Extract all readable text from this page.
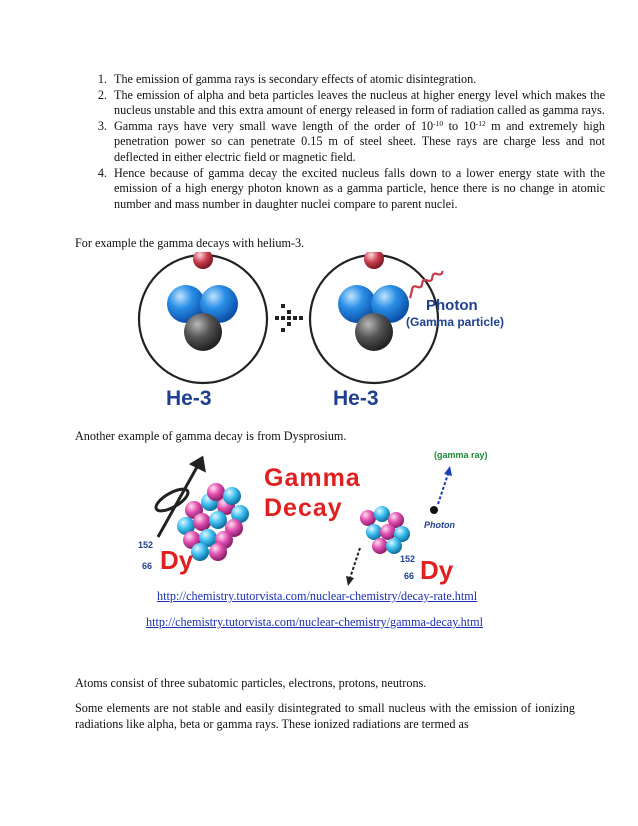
1. The emission of gamma rays is secondary effects of atomic disintegration.
2. The emission of alpha and beta particles leaves the nucleus at higher energy level which makes the nucleus unstable and this extra amount of energy released in form of radiation called as gamma rays.
3. Gamma rays have very small wave length of the order of $10^{-10}$ to $10^{-12}$ m and extremely high penetration power so can penetrate 0.15 m of steel sheet. These rays are charge less and not deflected in either electric field or magnetic field.
4. Hence because of gamma decay the excited nucleus falls down to a lower energy state with the emission of a high energy photon known as a gamma particle, hence there is no change in atomic number and mass number in daughter nuclei compare to parent nuclei.

For example the gamma decays with helium-3.

Photon
(Gamma particle)
He-3	He-3

Another example of gamma decay is from Dysprosium.

152
66 Dy
Gamma
Decay
152
66 Dy
(gamma ray)
Photon
http://chemistry.tutorvista.com/nuclear-chemistry/decay-rate.html
http://chemistry.tutorvista.com/nuclear-chemistry/gamma-decay.html

Atoms consist of three subatomic particles, electrons, protons, neutrons.

Some elements are not stable and easily disintegrated to small nucleus with the emission of ionizing radiations like alpha, beta or gamma rays. These ionized radiations are termed as
